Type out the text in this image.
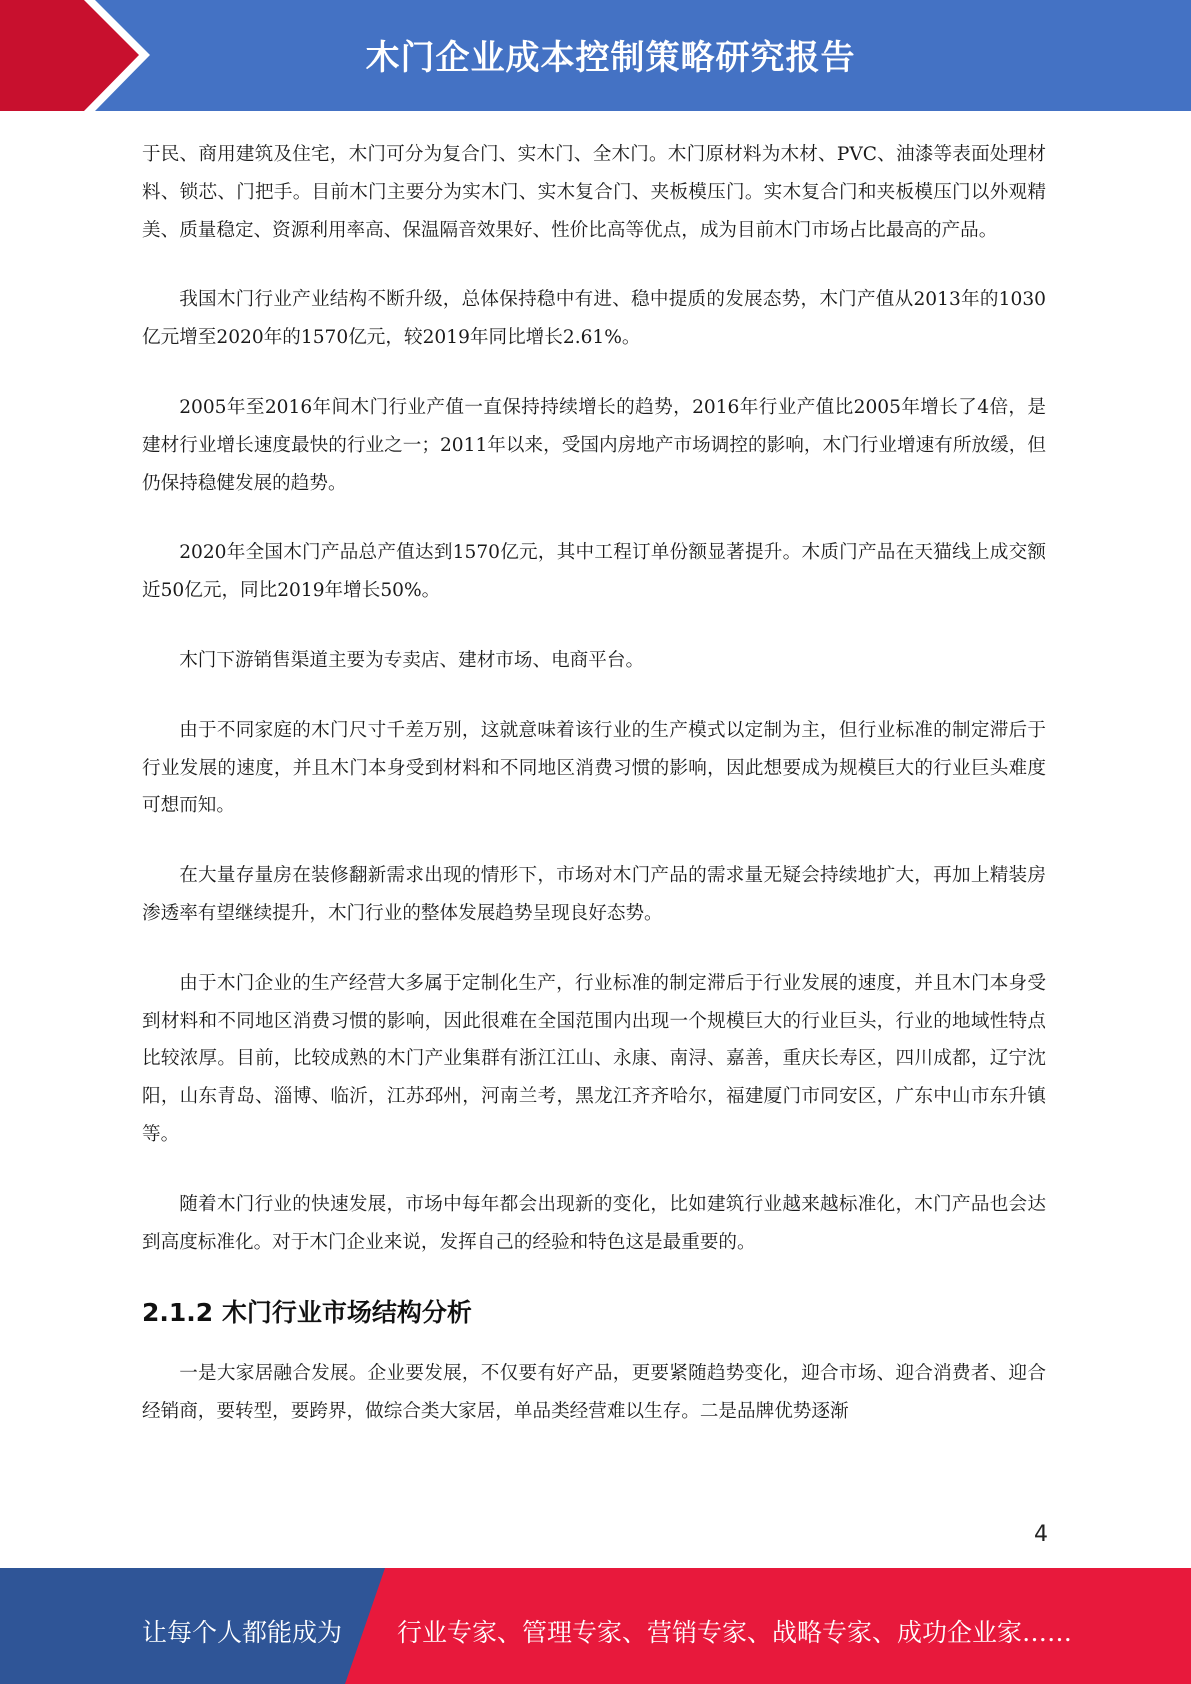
木门企业成本控制策略研究报告

于民、商用建筑及住宅，木门可分为复合门、实木门、全木门。木门原材料为木材、PVC、油漆等表面处理材料、锁芯、门把手。目前木门主要分为实木门、实木复合门、夹板模压门。实木复合门和夹板模压门以外观精美、质量稳定、资源利用率高、保温隔音效果好、性价比高等优点，成为目前木门市场占比最高的产品。

我国木门行业产业结构不断升级，总体保持稳中有进、稳中提质的发展态势，木门产值从2013年的1030亿元增至2020年的1570亿元，较2019年同比增长2.61%。

2005年至2016年间木门行业产值一直保持持续增长的趋势，2016年行业产值比2005年增长了4倍，是建材行业增长速度最快的行业之一；2011年以来，受国内房地产市场调控的影响，木门行业增速有所放缓，但仍保持稳健发展的趋势。

2020年全国木门产品总产值达到1570亿元，其中工程订单份额显著提升。木质门产品在天猫线上成交额近50亿元，同比2019年增长50%。

木门下游销售渠道主要为专卖店、建材市场、电商平台。

由于不同家庭的木门尺寸千差万别，这就意味着该行业的生产模式以定制为主，但行业标准的制定滞后于行业发展的速度，并且木门本身受到材料和不同地区消费习惯的影响，因此想要成为规模巨大的行业巨头难度可想而知。

在大量存量房在装修翻新需求出现的情形下，市场对木门产品的需求量无疑会持续地扩大，再加上精装房渗透率有望继续提升，木门行业的整体发展趋势呈现良好态势。

由于木门企业的生产经营大多属于定制化生产，行业标准的制定滞后于行业发展的速度，并且木门本身受到材料和不同地区消费习惯的影响，因此很难在全国范围内出现一个规模巨大的行业巨头，行业的地域性特点比较浓厚。目前，比较成熟的木门产业集群有浙江江山、永康、南浔、嘉善，重庆长寿区，四川成都，辽宁沈阳，山东青岛、淄博、临沂，江苏邳州，河南兰考，黑龙江齐齐哈尔，福建厦门市同安区，广东中山市东升镇等。

随着木门行业的快速发展，市场中每年都会出现新的变化，比如建筑行业越来越标准化，木门产品也会达到高度标准化。对于木门企业来说，发挥自己的经验和特色这是最重要的。

2.1.2 木门行业市场结构分析

一是大家居融合发展。企业要发展，不仅要有好产品，更要紧随趋势变化，迎合市场、迎合消费者、迎合经销商，要转型，要跨界，做综合类大家居，单品类经营难以生存。二是品牌优势逐渐

4
让每个人都能成为 行业专家、管理专家、营销专家、战略专家、成功企业家……
